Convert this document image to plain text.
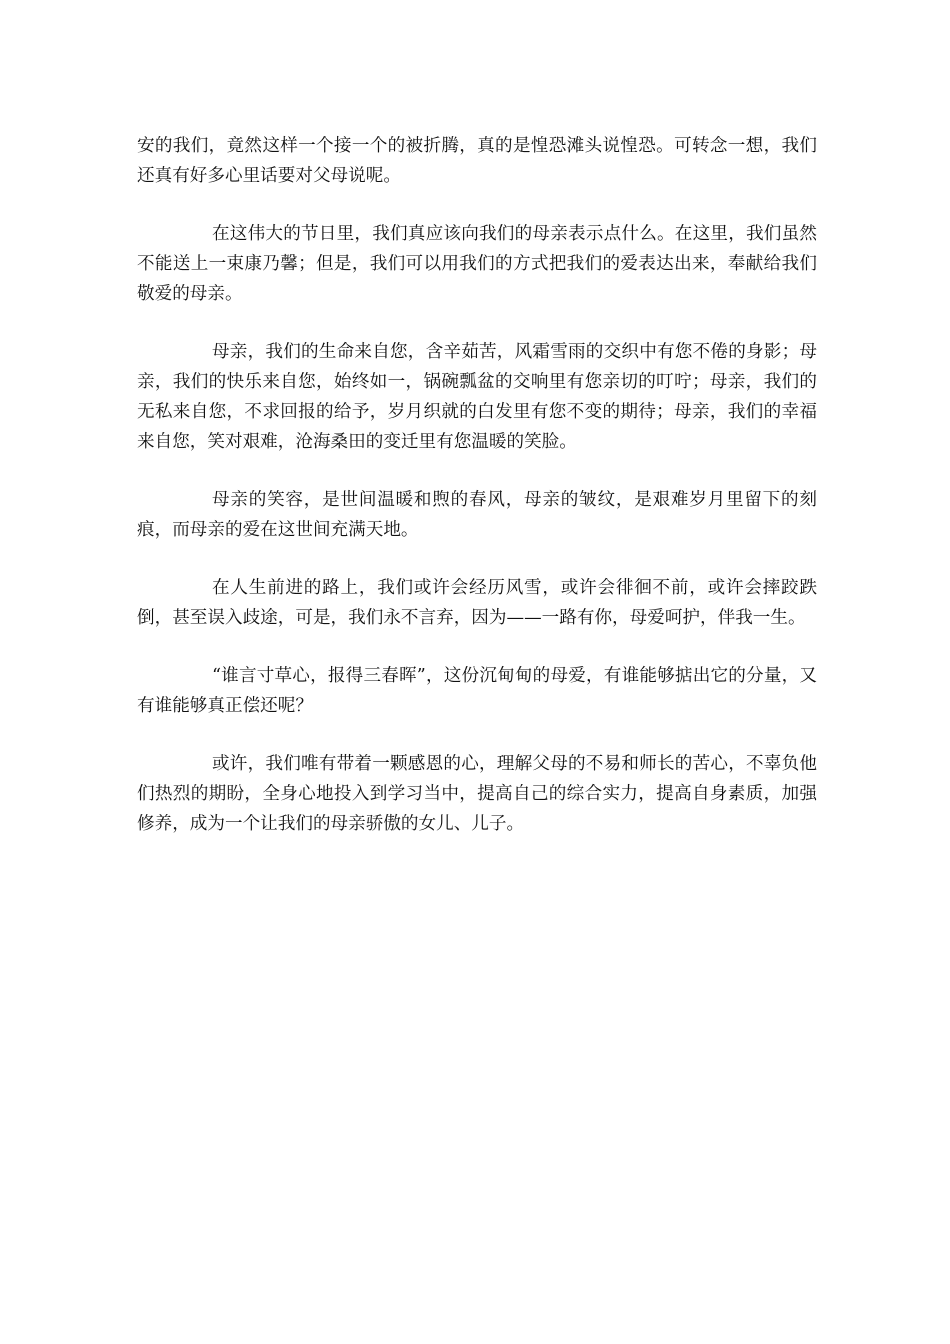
安的我们，竟然这样一个接一个的被折腾，真的是惶恐滩头说惶恐。可转念一想，我们还真有好多心里话要对父母说呢。

在这伟大的节日里，我们真应该向我们的母亲表示点什么。在这里，我们虽然不能送上一束康乃馨；但是，我们可以用我们的方式把我们的爱表达出来，奉献给我们敬爱的母亲。

母亲，我们的生命来自您，含辛茹苦，风霜雪雨的交织中有您不倦的身影；母亲，我们的快乐来自您，始终如一，锅碗瓢盆的交响里有您亲切的叮咛；母亲，我们的无私来自您，不求回报的给予，岁月织就的白发里有您不变的期待；母亲，我们的幸福来自您，笑对艰难，沧海桑田的变迁里有您温暖的笑脸。

母亲的笑容，是世间温暖和煦的春风，母亲的皱纹，是艰难岁月里留下的刻痕，而母亲的爱在这世间充满天地。

在人生前进的路上，我们或许会经历风雪，或许会徘徊不前，或许会摔跤跌倒，甚至误入歧途，可是，我们永不言弃，因为——一路有你，母爱呵护，伴我一生。

“谁言寸草心，报得三春晖”，这份沉甸甸的母爱，有谁能够掂出它的分量，又有谁能够真正偿还呢？

或许，我们唯有带着一颗感恩的心，理解父母的不易和师长的苦心，不辜负他们热烈的期盼，全身心地投入到学习当中，提高自己的综合实力，提高自身素质，加强修养，成为一个让我们的母亲骄傲的女儿、儿子。
